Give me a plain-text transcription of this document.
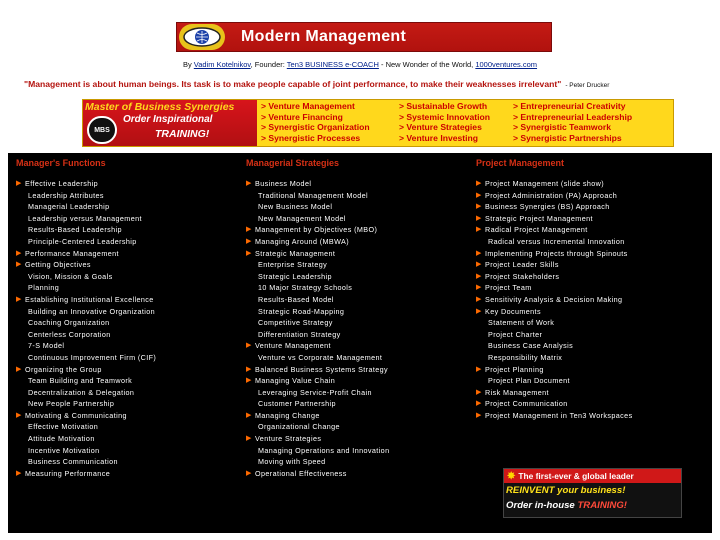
Modern Management
By Vadim Kotelnikov, Founder: Ten3 BUSINESS e-COACH - New Wonder of the World, 1000ventures.com
"Management is about human beings. Its task is to make people capable of joint performance, to make their weaknesses irrelevant" - Peter Drucker
Master of Business Synergies
MBS
Order Inspirational
TRAINING!
> Venture Management	> Sustainable Growth	> Entrepreneurial Creativity
> Venture Financing	> Systemic Innovation	> Entrepreneurial Leadership
> Synergistic Organization	> Venture Strategies	> Synergistic Teamwork
> Synergistic Processes	> Venture Investing	> Synergistic Partnerships
Manager's Functions
▶ Effective Leadership
Leadership Attributes
Managerial Leadership
Leadership versus Management
Results-Based Leadership
Principle-Centered Leadership
▶ Performance Management
▶ Getting Objectives
Vision, Mission & Goals
Planning
▶ Establishing Institutional Excellence
Building an Innovative Organization
Coaching Organization
Centerless Corporation
7-S Model
Continuous Improvement Firm (CIF)
▶ Organizing the Group
Team Building and Teamwork
Decentralization & Delegation
New People Partnership
▶ Motivating & Communicating
Effective Motivation
Attitude Motivation
Incentive Motivation
Business Communication
▶ Measuring Performance
Managerial Strategies
▶ Business Model
Traditional Management Model
New Business Model
New Management Model
▶ Management by Objectives (MBO)
▶ Managing Around (MBWA)
▶ Strategic Management
Enterprise Strategy
Strategic Leadership
10 Major Strategy Schools
Results-Based Model
Strategic Road-Mapping
Competitive Strategy
Differentiation Strategy
▶ Venture Management
Venture vs Corporate Management
▶ Balanced Business Systems Strategy
▶ Managing Value Chain
Leveraging Service-Profit Chain
Customer Partnership
▶ Managing Change
Organizational Change
▶ Venture Strategies
Managing Operations and Innovation
Moving with Speed
▶ Operational Effectiveness
Project Management
▶ Project Management (slide show)
▶ Project Administration (PA) Approach
▶ Business Synergies (BS) Approach
▶ Strategic Project Management
▶ Radical Project Management
Radical versus Incremental Innovation
▶ Implementing Projects through Spinouts
▶ Project Leader Skills
▶ Project Stakeholders
▶ Project Team
▶ Sensitivity Analysis & Decision Making
▶ Key Documents
Statement of Work
Project Charter
Business Case Analysis
Responsibility Matrix
▶ Project Planning
Project Plan Document
▶ Risk Management
▶ Project Communication
▶ Project Management in Ten3 Workspaces
✸ The first-ever & global leader
REINVENT your business!
Order in-house TRAINING!
